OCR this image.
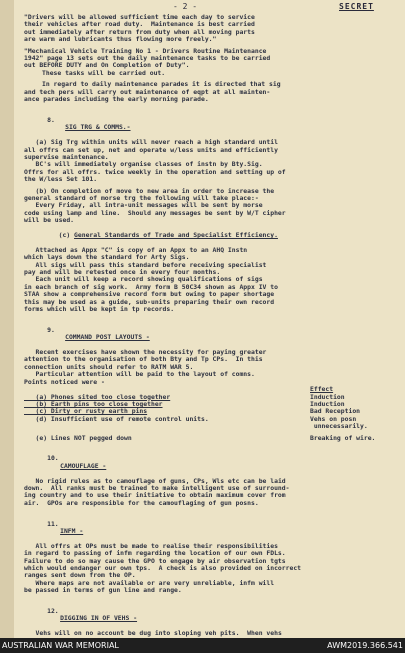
- 2 -	SECRET

"Drivers will be allowed sufficient time each day to service
their vehicles after road duty.  Maintenance is best carried
out immediately after return from duty when all moving parts
are warm and lubricants thus flowing more freely."

"Mechanical Vehicle Training No 1 - Drivers Routine Maintenance
1942" page 13 sets out the daily maintenance tasks to be carried
out BEFORE DUTY and On Completion of Duty".

These tasks will be carried out.

In regard to daily maintenance parades it is directed that sig
and tech pers will carry out maintenance of eqpt at all mainten-
ance parades including the early morning parade.

8.
SIG TRG & COMMS.-

(a) Sig Trg within units will never reach a high standard until
all offrs can set up, net and operate w/less units and efficiently
supervise maintenance.

BC's will immediately organise classes of instn by Bty.Sig.
Offrs for all offrs. twice weekly in the operation and setting up of
the W/less Set 101.

(b) On completion of move to new area in order to increase the
general standard of morse trg the following will take place:-
Every Friday, all intra-unit messages will be sent by morse
code using lamp and line.  Should any messages be sent by W/T cipher
will be used.

(c) General Standards of Trade and Specialist Efficiency.

Attached as Appx "C" is copy of an Appx to an AHQ Instn
which lays down the standard for Arty Sigs.
All sigs will pass this standard before receiving specialist
pay and will be retested once in every four months.
Each unit will keep a record showing qualifications of sigs
in each branch of sig work.  Army form B 50C34 shown as Appx IV to
STAA show a comprehensive record form but owing to paper shortage
this may be used as a guide, sub-units preparing their own record
forms which will be kept in tp records.

9.
COMMAND POST LAYOUTS -

Recent exercises have shown the necessity for paying greater
attention to the organisation of both Bty and Tp CPs.  In this
connection units should refer to RATM WAR 5.
Particular attention will be paid to the layout of comns.
Points noticed were -

Effect
(a) Phones sited too close together	Induction
(b) Earth pins too close together	Induction
(c) Dirty or rusty earth pins	Bad Reception
(d) Insufficient use of remote control units.	Vehs on posn
unnecessarily.
(e) Lines NOT pegged down	Breaking of wire.

10.
CAMOUFLAGE -

No rigid rules as to camouflage of guns, CPs, Wls etc can be laid
down.  All ranks must be trained to make intelligent use of surround-
ing country and to use their initiative to obtain maximum cover from
air.  GPOs are responsible for the camouflaging of gun posns.

11.
INFM -

All offrs at OPs must be made to realise their responsibilities
in regard to passing of infm regarding the location of our own FDLs.
Failure to do so may cause the GPO to engage by air observation tgts
which would endanger our own tps.  A check is also provided on incorrect
ranges sent down from the OP.
Where maps are not available or are very unreliable, infm will
be passed in terms of gun line and range.

12.
DIGGING IN OF VEHS -

Vehs will on no account be dug into sloping veh pits.  When vehs

AUSTRALIAN WAR MEMORIAL	AWM2019.366.541
